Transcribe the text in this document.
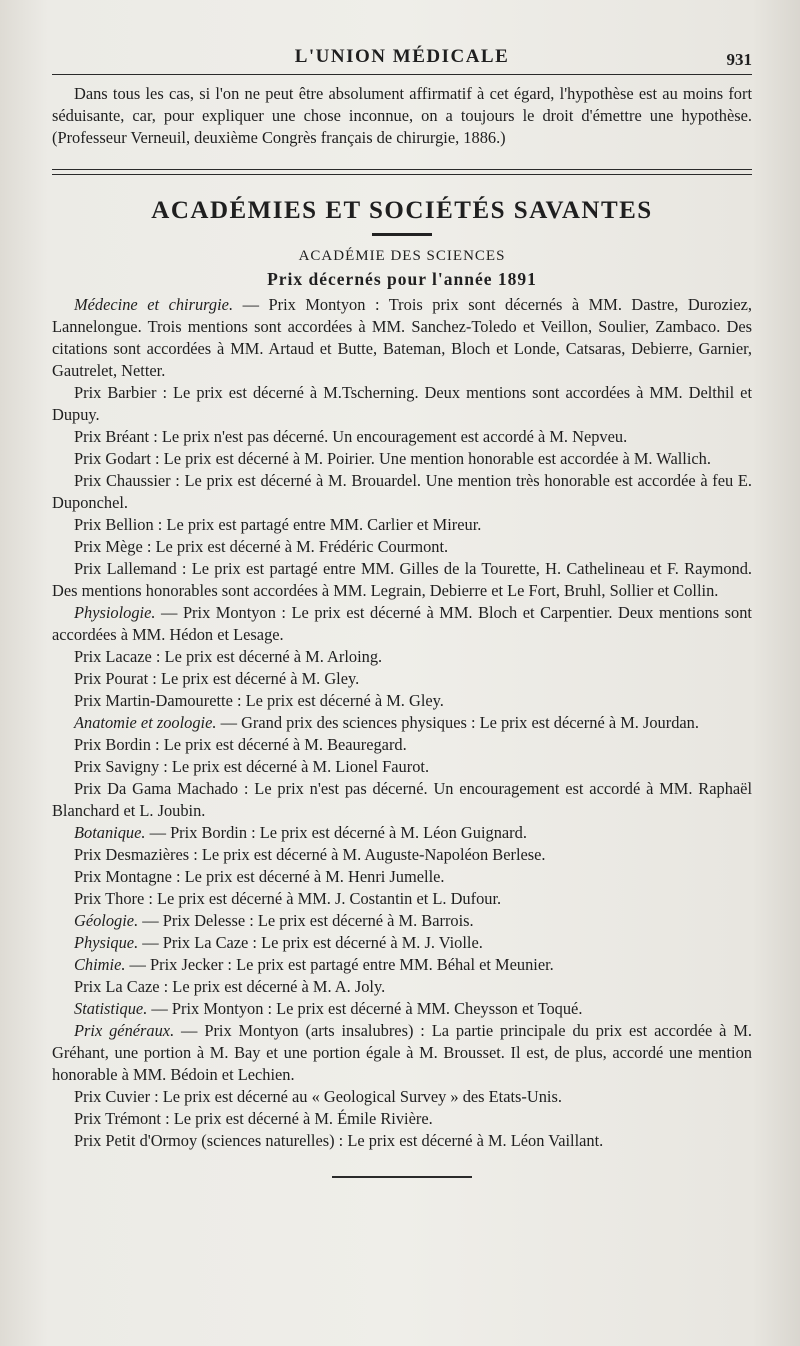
L'UNION MÉDICALE	931

Dans tous les cas, si l'on ne peut être absolument affirmatif à cet égard, l'hypothèse est au moins fort séduisante, car, pour expliquer une chose inconnue, on a toujours le droit d'émettre une hypothèse. (Professeur Verneuil, deuxième Congrès français de chirurgie, 1886.)

ACADÉMIES ET SOCIÉTÉS SAVANTES
ACADÉMIE DES SCIENCES
Prix décernés pour l'année 1891

Médecine et chirurgie. — Prix Montyon : Trois prix sont décernés à MM. Dastre, Duroziez, Lannelongue. Trois mentions sont accordées à MM. Sanchez-Toledo et Veillon, Soulier, Zambaco. Des citations sont accordées à MM. Artaud et Butte, Bateman, Bloch et Londe, Catsaras, Debierre, Garnier, Gautrelet, Netter.

Prix Barbier : Le prix est décerné à M.Tscherning. Deux mentions sont accordées à MM. Delthil et Dupuy.

Prix Bréant : Le prix n'est pas décerné. Un encouragement est accordé à M. Nepveu.

Prix Godart : Le prix est décerné à M. Poirier. Une mention honorable est accordée à M. Wallich.

Prix Chaussier : Le prix est décerné à M. Brouardel. Une mention très honorable est accordée à feu E. Duponchel.

Prix Bellion : Le prix est partagé entre MM. Carlier et Mireur.

Prix Mège : Le prix est décerné à M. Frédéric Courmont.

Prix Lallemand : Le prix est partagé entre MM. Gilles de la Tourette, H. Cathelineau et F. Raymond. Des mentions honorables sont accordées à MM. Legrain, Debierre et Le Fort, Bruhl, Sollier et Collin.

Physiologie. — Prix Montyon : Le prix est décerné à MM. Bloch et Carpentier. Deux mentions sont accordées à MM. Hédon et Lesage.

Prix Lacaze : Le prix est décerné à M. Arloing.

Prix Pourat : Le prix est décerné à M. Gley.

Prix Martin-Damourette : Le prix est décerné à M. Gley.

Anatomie et zoologie. — Grand prix des sciences physiques : Le prix est décerné à M. Jourdan.

Prix Bordin : Le prix est décerné à M. Beauregard.

Prix Savigny : Le prix est décerné à M. Lionel Faurot.

Prix Da Gama Machado : Le prix n'est pas décerné. Un encouragement est accordé à MM. Raphaël Blanchard et L. Joubin.

Botanique. — Prix Bordin : Le prix est décerné à M. Léon Guignard.

Prix Desmazières : Le prix est décerné à M. Auguste-Napoléon Berlese.

Prix Montagne : Le prix est décerné à M. Henri Jumelle.

Prix Thore : Le prix est décerné à MM. J. Costantin et L. Dufour.

Géologie. — Prix Delesse : Le prix est décerné à M. Barrois.

Physique. — Prix La Caze : Le prix est décerné à M. J. Violle.

Chimie. — Prix Jecker : Le prix est partagé entre MM. Béhal et Meunier.

Prix La Caze : Le prix est décerné à M. A. Joly.

Statistique. — Prix Montyon : Le prix est décerné à MM. Cheysson et Toqué.

Prix généraux. — Prix Montyon (arts insalubres) : La partie principale du prix est accordée à M. Gréhant, une portion à M. Bay et une portion égale à M. Brousset. Il est, de plus, accordé une mention honorable à MM. Bédoin et Lechien.

Prix Cuvier : Le prix est décerné au « Geological Survey » des Etats-Unis.

Prix Trémont : Le prix est décerné à M. Émile Rivière.

Prix Petit d'Ormoy (sciences naturelles) : Le prix est décerné à M. Léon Vaillant.
